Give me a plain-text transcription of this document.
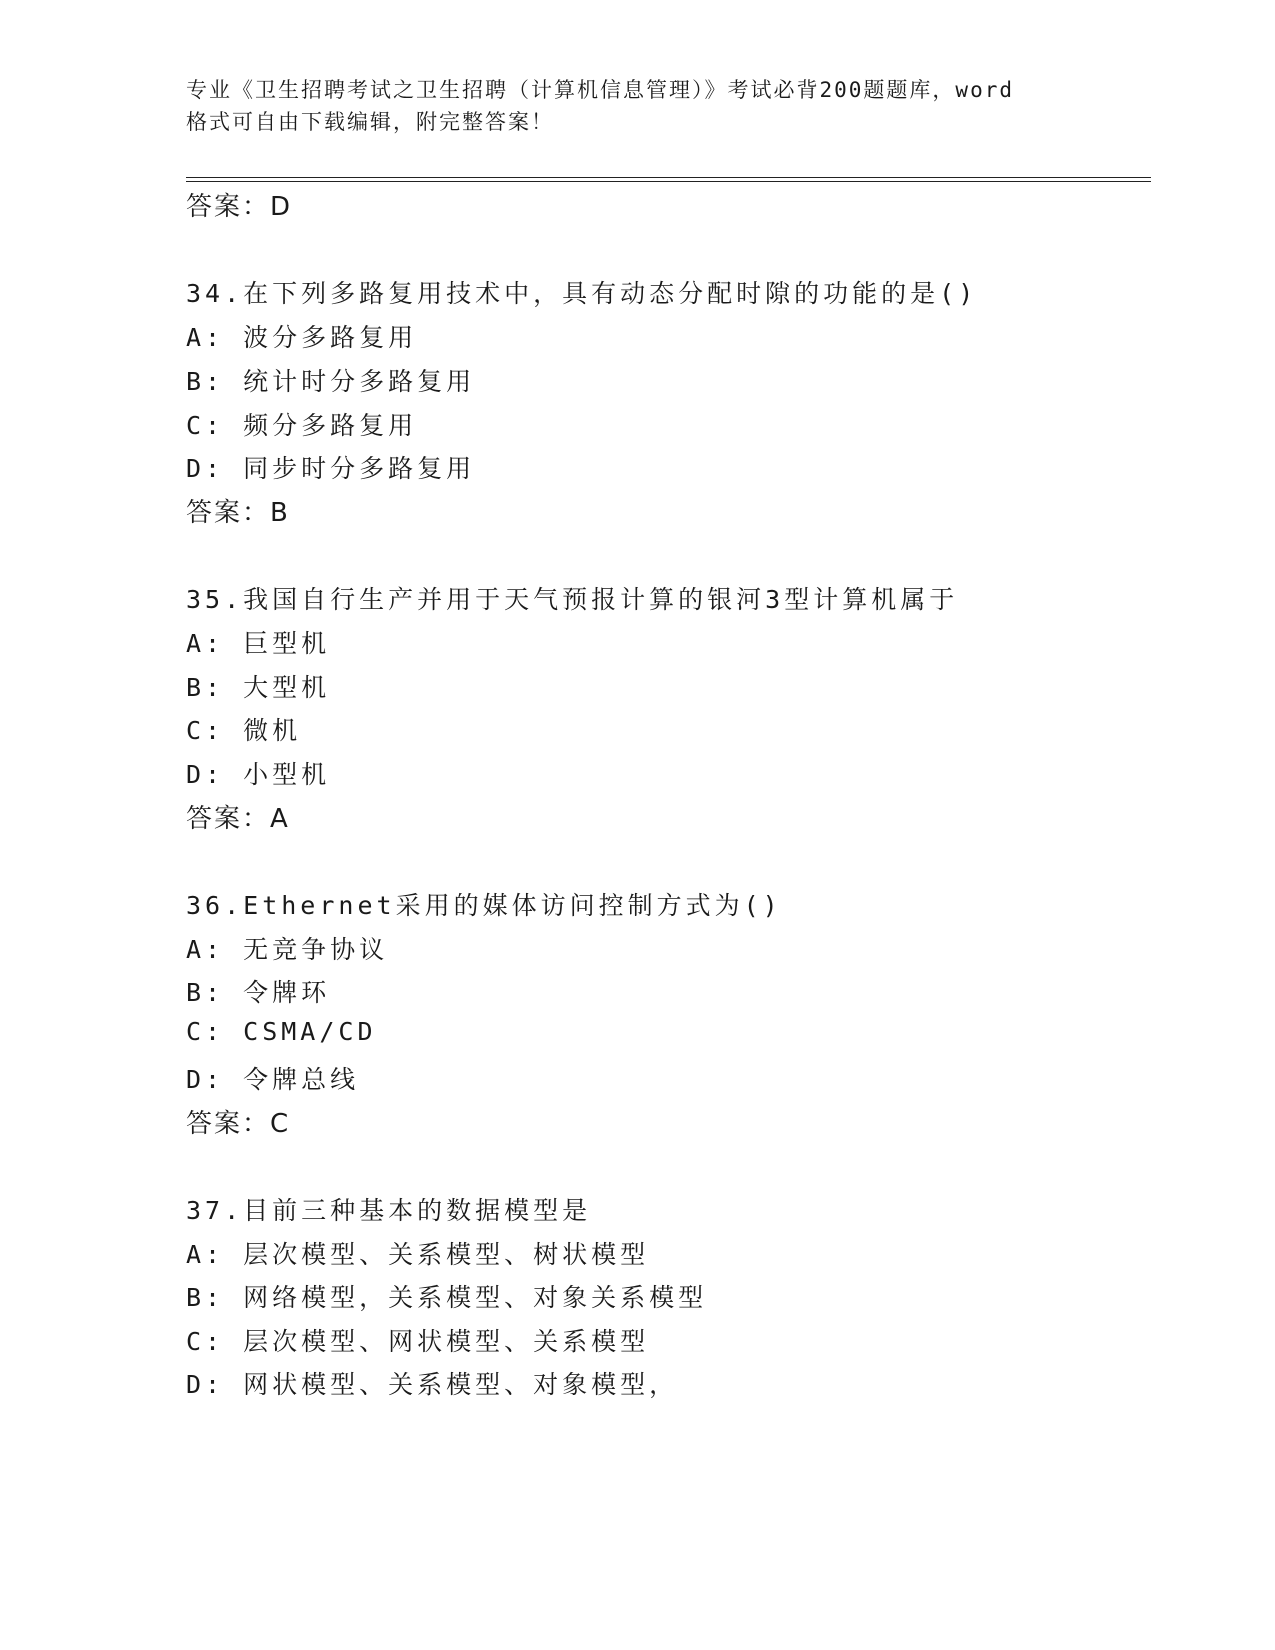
专业《卫生招聘考试之卫生招聘（计算机信息管理）》考试必背200题题库，word
格式可自由下载编辑，附完整答案！
答案：D
34.在下列多路复用技术中，具有动态分配时隙的功能的是()
A: 波分多路复用
B: 统计时分多路复用
C: 频分多路复用
D: 同步时分多路复用
答案：B
35.我国自行生产并用于天气预报计算的银河3型计算机属于
A: 巨型机
B: 大型机
C: 微机
D: 小型机
答案：A
36.Ethernet采用的媒体访问控制方式为()
A: 无竞争协议
B: 令牌环
C: CSMA/CD
D: 令牌总线
答案：C
37.目前三种基本的数据模型是
A: 层次模型、关系模型、树状模型
B: 网络模型，关系模型、对象关系模型
C: 层次模型、网状模型、关系模型
D: 网状模型、关系模型、对象模型，
